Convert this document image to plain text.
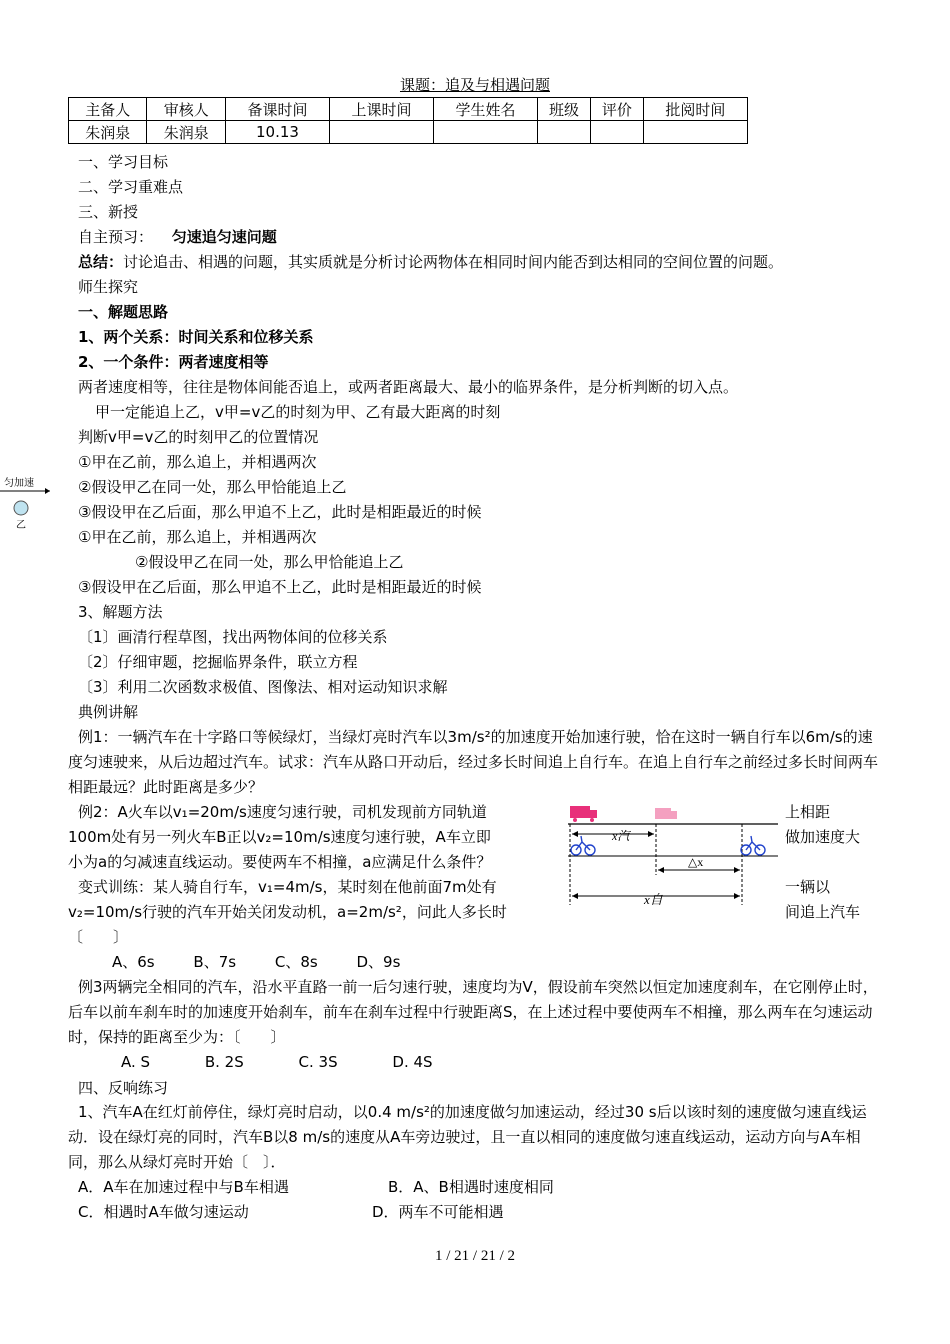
课题：追及与相遇问题
主备人	审核人	备课时间	上课时间	学生姓名	班级	评价	批阅时间
朱润泉	朱润泉	10.13					
一、学习目标
二、学习重难点
三、新授
自主预习： 匀速追匀速问题
总结：讨论追击、相遇的问题，其实质就是分析讨论两物体在相同时间内能否到达相同的空间位置的问题。
师生探究
一、解题思路
1、两个关系：时间关系和位移关系
2、一个条件：两者速度相等
两者速度相等，往往是物体间能否追上，或两者距离最大、最小的临界条件，是分析判断的切入点。
甲一定能追上乙，v甲=v乙的时刻为甲、乙有最大距离的时刻
判断v甲=v乙的时刻甲乙的位置情况
①甲在乙前，那么追上，并相遇两次
②假设甲乙在同一处，那么甲恰能追上乙
③假设甲在乙后面，那么甲追不上乙，此时是相距最近的时候
①甲在乙前，那么追上，并相遇两次
②假设甲乙在同一处，那么甲恰能追上乙
③假设甲在乙后面，那么甲追不上乙，此时是相距最近的时候
3、解题方法
〔1〕画清行程草图，找出两物体间的位移关系
〔2〕仔细审题，挖掘临界条件，联立方程
〔3〕利用二次函数求极值、图像法、相对运动知识求解
典例讲解
例1：一辆汽车在十字路口等候绿灯，当绿灯亮时汽车以3m/s²的加速度开始加速行驶，恰在这时一辆自行车以6m/s的速度匀速驶来，从后边超过汽车。试求：汽车从路口开动后，经过多长时间追上自行车。在追上自行车之前经过多长时间两车相距最远？此时距离是多少？
例2：A火车以v₁=20m/s速度匀速行驶，司机发现前方同轨道
100m处有另一列火车B正以v₂=10m/s速度匀速行驶，A车立即
小为a的匀减速直线运动。要使两车不相撞，a应满足什么条件？
上相距
做加速度大
变式训练：某人骑自行车，v₁=4m/s，某时刻在他前面7m处有
v₂=10m/s行驶的汽车开始关闭发动机，a=2m/s²，问此人多长时
一辆以
间追上汽车
〔　　〕
A、6s	B、7s	C、8s	D、9s
x汽
△x
x自
例3两辆完全相同的汽车，沿水平直路一前一后匀速行驶，速度均为V，假设前车突然以恒定加速度刹车，在它刚停止时，后车以前车刹车时的加速度开始刹车，前车在刹车过程中行驶距离S，在上述过程中要使两车不相撞，那么两车在匀速运动时，保持的距离至少为：〔　　〕
A. S	B. 2S	C. 3S	D. 4S
四、反响练习
1、汽车A在红灯前停住，绿灯亮时启动，以0.4 m/s²的加速度做匀加速运动，经过30 s后以该时刻的速度做匀速直线运动．设在绿灯亮的同时，汽车B以8 m/s的速度从A车旁边驶过，且一直以相同的速度做匀速直线运动，运动方向与A车相同，那么从绿灯亮时开始〔　〕．
A．A车在加速过程中与B车相遇	B．A、B相遇时速度相同
C．相遇时A车做匀速运动	D．两车不可能相遇
匀加速
乙
1 / 21 / 21 / 2
